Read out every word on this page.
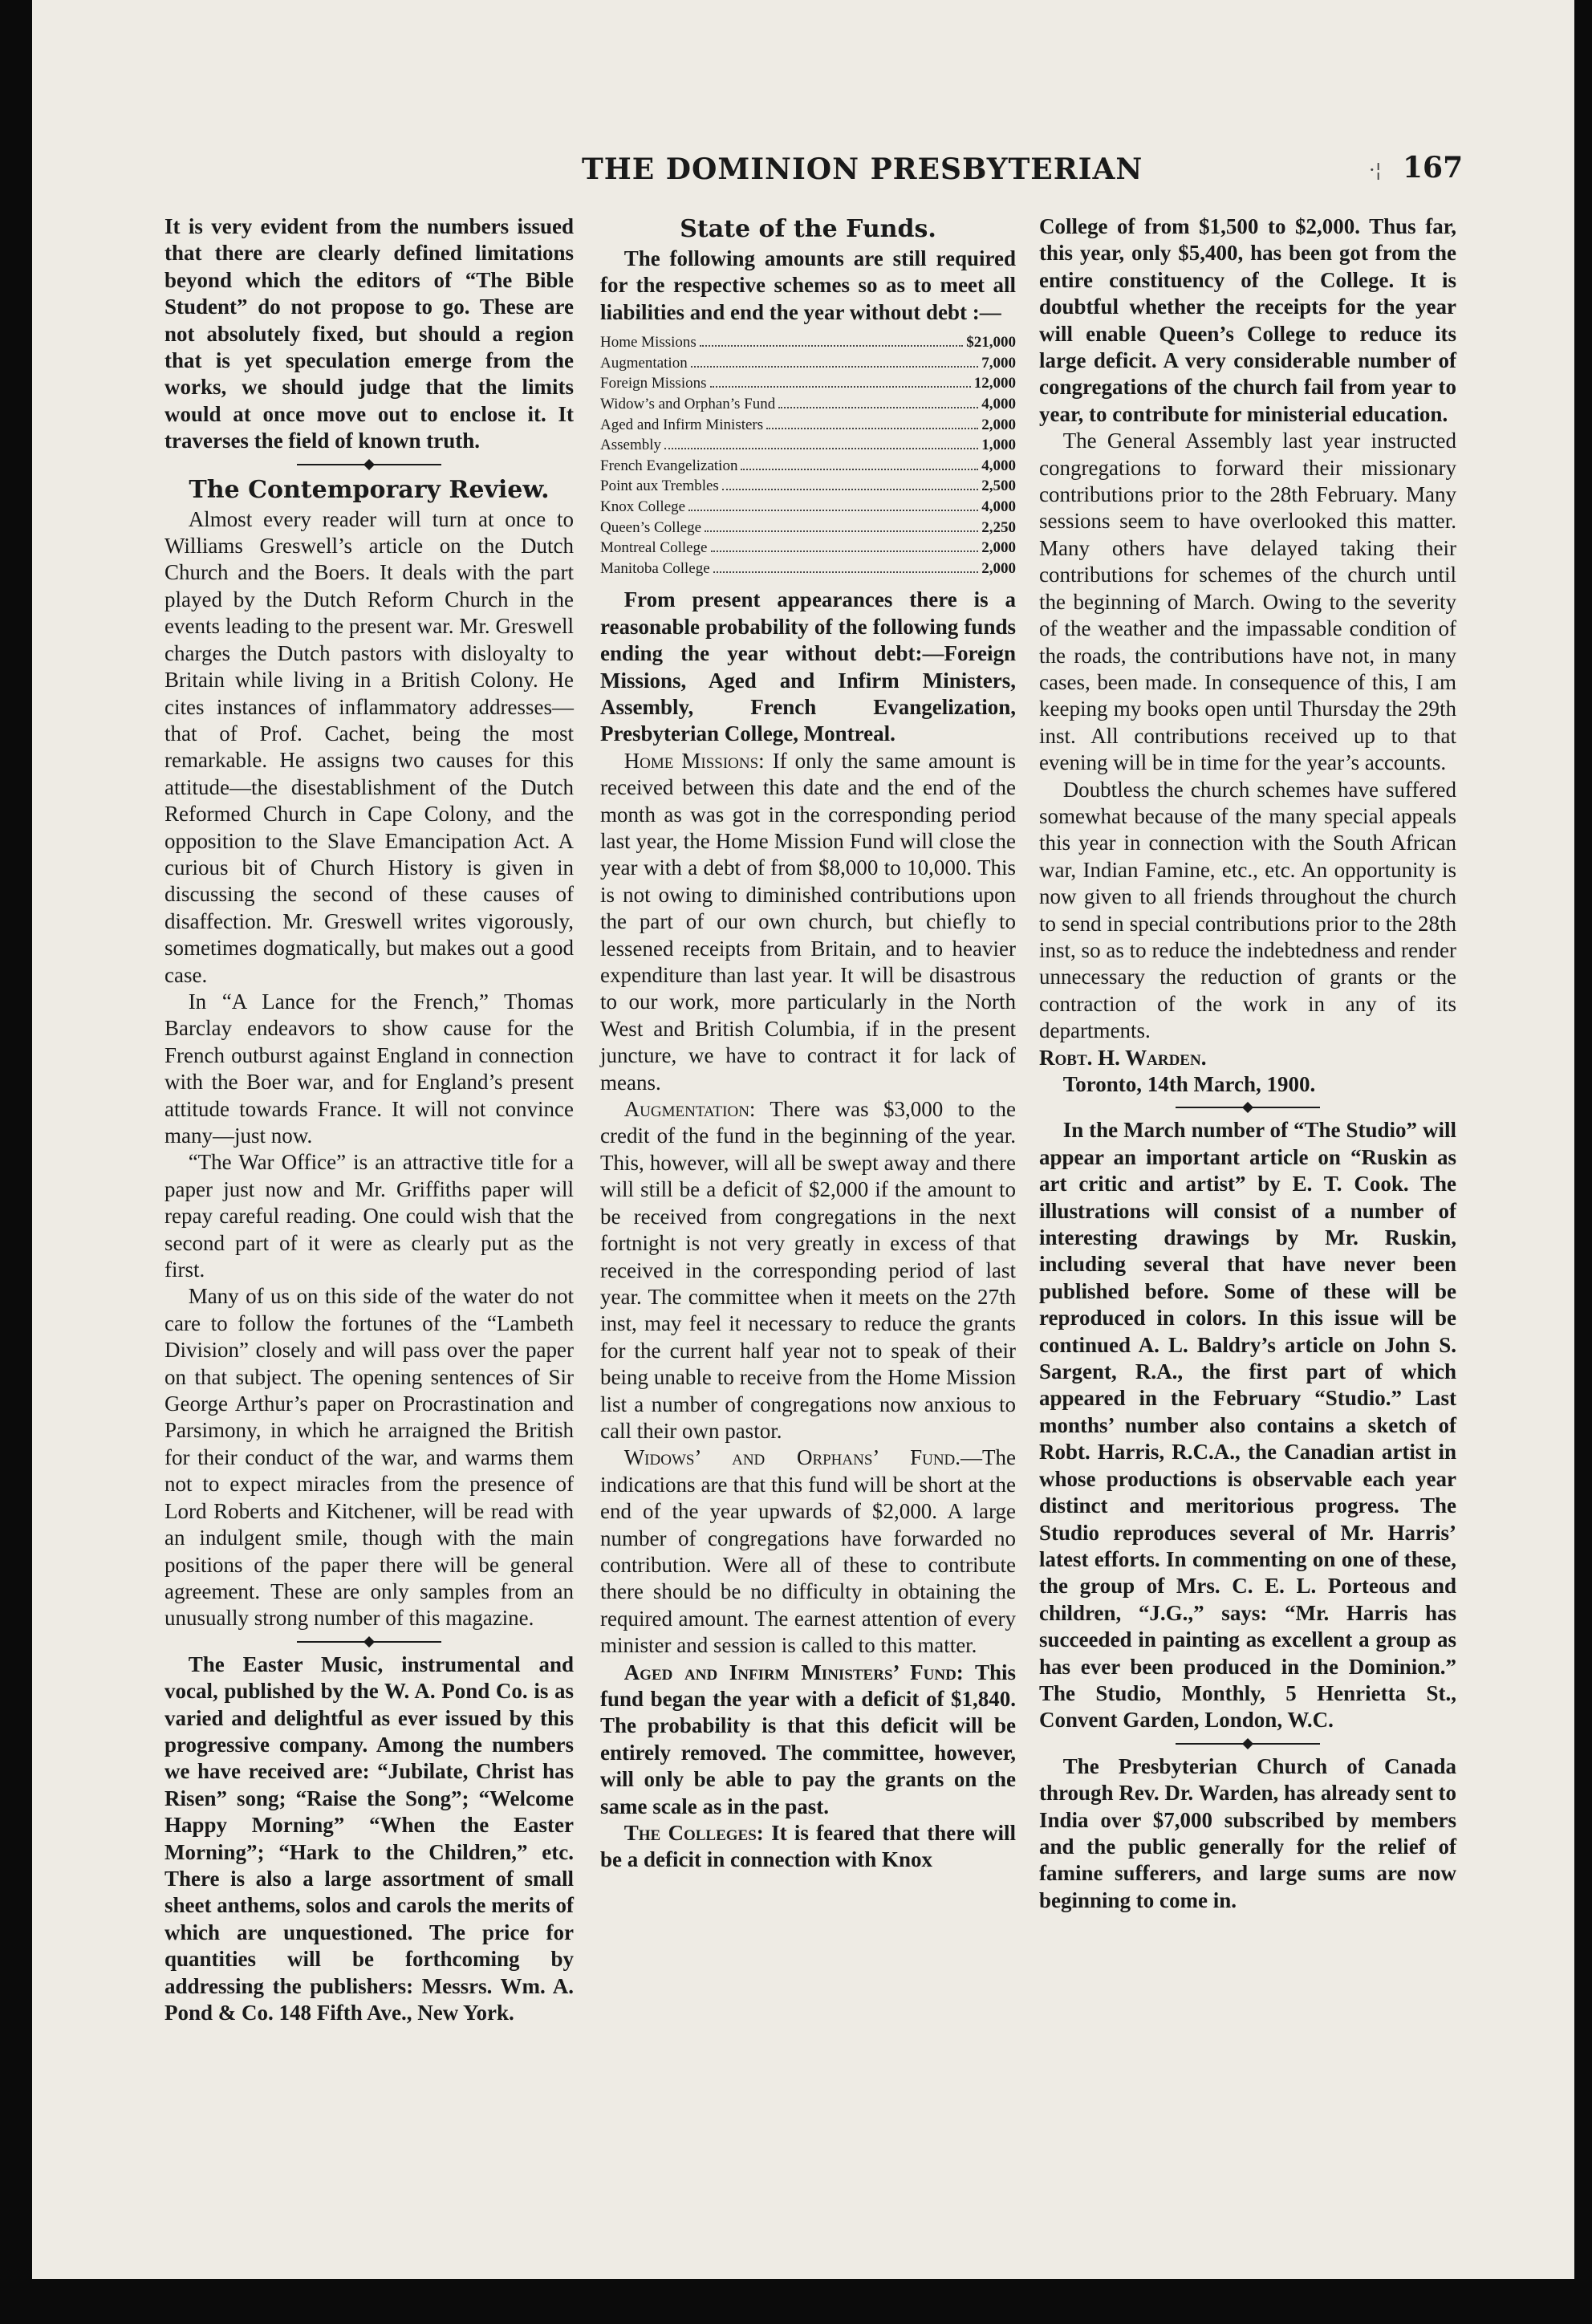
THE DOMINION PRESBYTERIAN	·¦ 167

It is very evident from the numbers issued that there are clearly defined limitations beyond which the editors of “The Bible Student” do not propose to go. These are not absolutely fixed, but should a region that is yet speculation emerge from the works, we should judge that the limits would at once move out to enclose it. It traverses the field of known truth.

The Contemporary Review.

Almost every reader will turn at once to Williams Greswell’s article on the Dutch Church and the Boers. It deals with the part played by the Dutch Reform Church in the events leading to the present war. Mr. Greswell charges the Dutch pastors with disloyalty to Britain while living in a British Colony. He cites instances of inflammatory addresses—that of Prof. Cachet, being the most remarkable. He assigns two causes for this attitude—the disestablishment of the Dutch Reformed Church in Cape Colony, and the opposition to the Slave Emancipation Act. A curious bit of Church History is given in discussing the second of these causes of disaffection. Mr. Greswell writes vigorously, sometimes dogmatically, but makes out a good case.

In “A Lance for the French,” Thomas Barclay endeavors to show cause for the French outburst against England in connection with the Boer war, and for England’s present attitude towards France. It will not convince many—just now.

“The War Office” is an attractive title for a paper just now and Mr. Griffiths paper will repay careful reading. One could wish that the second part of it were as clearly put as the first.

Many of us on this side of the water do not care to follow the fortunes of the “Lambeth Division” closely and will pass over the paper on that subject. The opening sentences of Sir George Arthur’s paper on Procrastination and Parsimony, in which he arraigned the British for their conduct of the war, and warms them not to expect miracles from the presence of Lord Roberts and Kitchener, will be read with an indulgent smile, though with the main positions of the paper there will be general agreement. These are only samples from an unusually strong number of this magazine.

The Easter Music, instrumental and vocal, published by the W. A. Pond Co. is as varied and delightful as ever issued by this progressive company. Among the numbers we have received are: “Jubilate, Christ has Risen” song; “Raise the Song”; “Welcome Happy Morning” “When the Easter Morning”; “Hark to the Children,” etc. There is also a large assortment of small sheet anthems, solos and carols the merits of which are unquestioned. The price for quantities will be forthcoming by addressing the publishers: Messrs. Wm. A. Pond & Co. 148 Fifth Ave., New York.

State of the Funds.

The following amounts are still required for the respective schemes so as to meet all liabilities and end the year without debt :—

Home Missions	$21,000
Augmentation	7,000
Foreign Missions	12,000
Widow’s and Orphan’s Fund	4,000
Aged and Infirm Ministers	2,000
Assembly	1,000
French Evangelization	4,000
Point aux Trembles	2,500
Knox College	4,000
Queen’s College	2,250
Montreal College	2,000
Manitoba College	2,000

From present appearances there is a reasonable probability of the following funds ending the year without debt:—Foreign Missions, Aged and Infirm Ministers, Assembly, French Evangelization, Presbyterian College, Montreal.

Home Missions: If only the same amount is received between this date and the end of the month as was got in the corresponding period last year, the Home Mission Fund will close the year with a debt of from $8,000 to 10,000. This is not owing to diminished contributions upon the part of our own church, but chiefly to lessened receipts from Britain, and to heavier expenditure than last year. It will be disastrous to our work, more particularly in the North West and British Columbia, if in the present juncture, we have to contract it for lack of means.

Augmentation: There was $3,000 to the credit of the fund in the beginning of the year. This, however, will all be swept away and there will still be a deficit of $2,000 if the amount to be received from congregations in the next fortnight is not very greatly in excess of that received in the corresponding period of last year. The committee when it meets on the 27th inst, may feel it necessary to reduce the grants for the current half year not to speak of their being unable to receive from the Home Mission list a number of congregations now anxious to call their own pastor.

Widows’ and Orphans’ Fund.—The indications are that this fund will be short at the end of the year upwards of $2,000. A large number of congregations have forwarded no contribution. Were all of these to contribute there should be no difficulty in obtaining the required amount. The earnest attention of every minister and session is called to this matter.

Aged and Infirm Ministers’ Fund: This fund began the year with a deficit of $1,840. The probability is that this deficit will be entirely removed. The committee, however, will only be able to pay the grants on the same scale as in the past.

The Colleges: It is feared that there will be a deficit in connection with Knox

College of from $1,500 to $2,000. Thus far, this year, only $5,400, has been got from the entire constituency of the College. It is doubtful whether the receipts for the year will enable Queen’s College to reduce its large deficit. A very considerable number of congregations of the church fail from year to year, to contribute for ministerial education.

The General Assembly last year instructed congregations to forward their missionary contributions prior to the 28th February. Many sessions seem to have overlooked this matter. Many others have delayed taking their contributions for schemes of the church until the beginning of March. Owing to the severity of the weather and the impassable condition of the roads, the contributions have not, in many cases, been made. In consequence of this, I am keeping my books open until Thursday the 29th inst. All contributions received up to that evening will be in time for the year’s accounts.

Doubtless the church schemes have suffered somewhat because of the many special appeals this year in connection with the South African war, Indian Famine, etc., etc. An opportunity is now given to all friends throughout the church to send in special contributions prior to the 28th inst, so as to reduce the indebtedness and render unnecessary the reduction of grants or the contraction of the work in any of its departments.

Robt. H. Warden.

Toronto, 14th March, 1900.

In the March number of “The Studio” will appear an important article on “Ruskin as art critic and artist” by E. T. Cook. The illustrations will consist of a number of interesting drawings by Mr. Ruskin, including several that have never been published before. Some of these will be reproduced in colors. In this issue will be continued A. L. Baldry’s article on John S. Sargent, R.A., the first part of which appeared in the February “Studio.” Last months’ number also contains a sketch of Robt. Harris, R.C.A., the Canadian artist in whose productions is observable each year distinct and meritorious progress. The Studio reproduces several of Mr. Harris’ latest efforts. In commenting on one of these, the group of Mrs. C. E. L. Porteous and children, “J.G.,” says: “Mr. Harris has succeeded in painting as excellent a group as has ever been produced in the Dominion.” The Studio, Monthly, 5 Henrietta St., Convent Garden, London, W.C.

The Presbyterian Church of Canada through Rev. Dr. Warden, has already sent to India over $7,000 subscribed by members and the public generally for the relief of famine sufferers, and large sums are now beginning to come in.
